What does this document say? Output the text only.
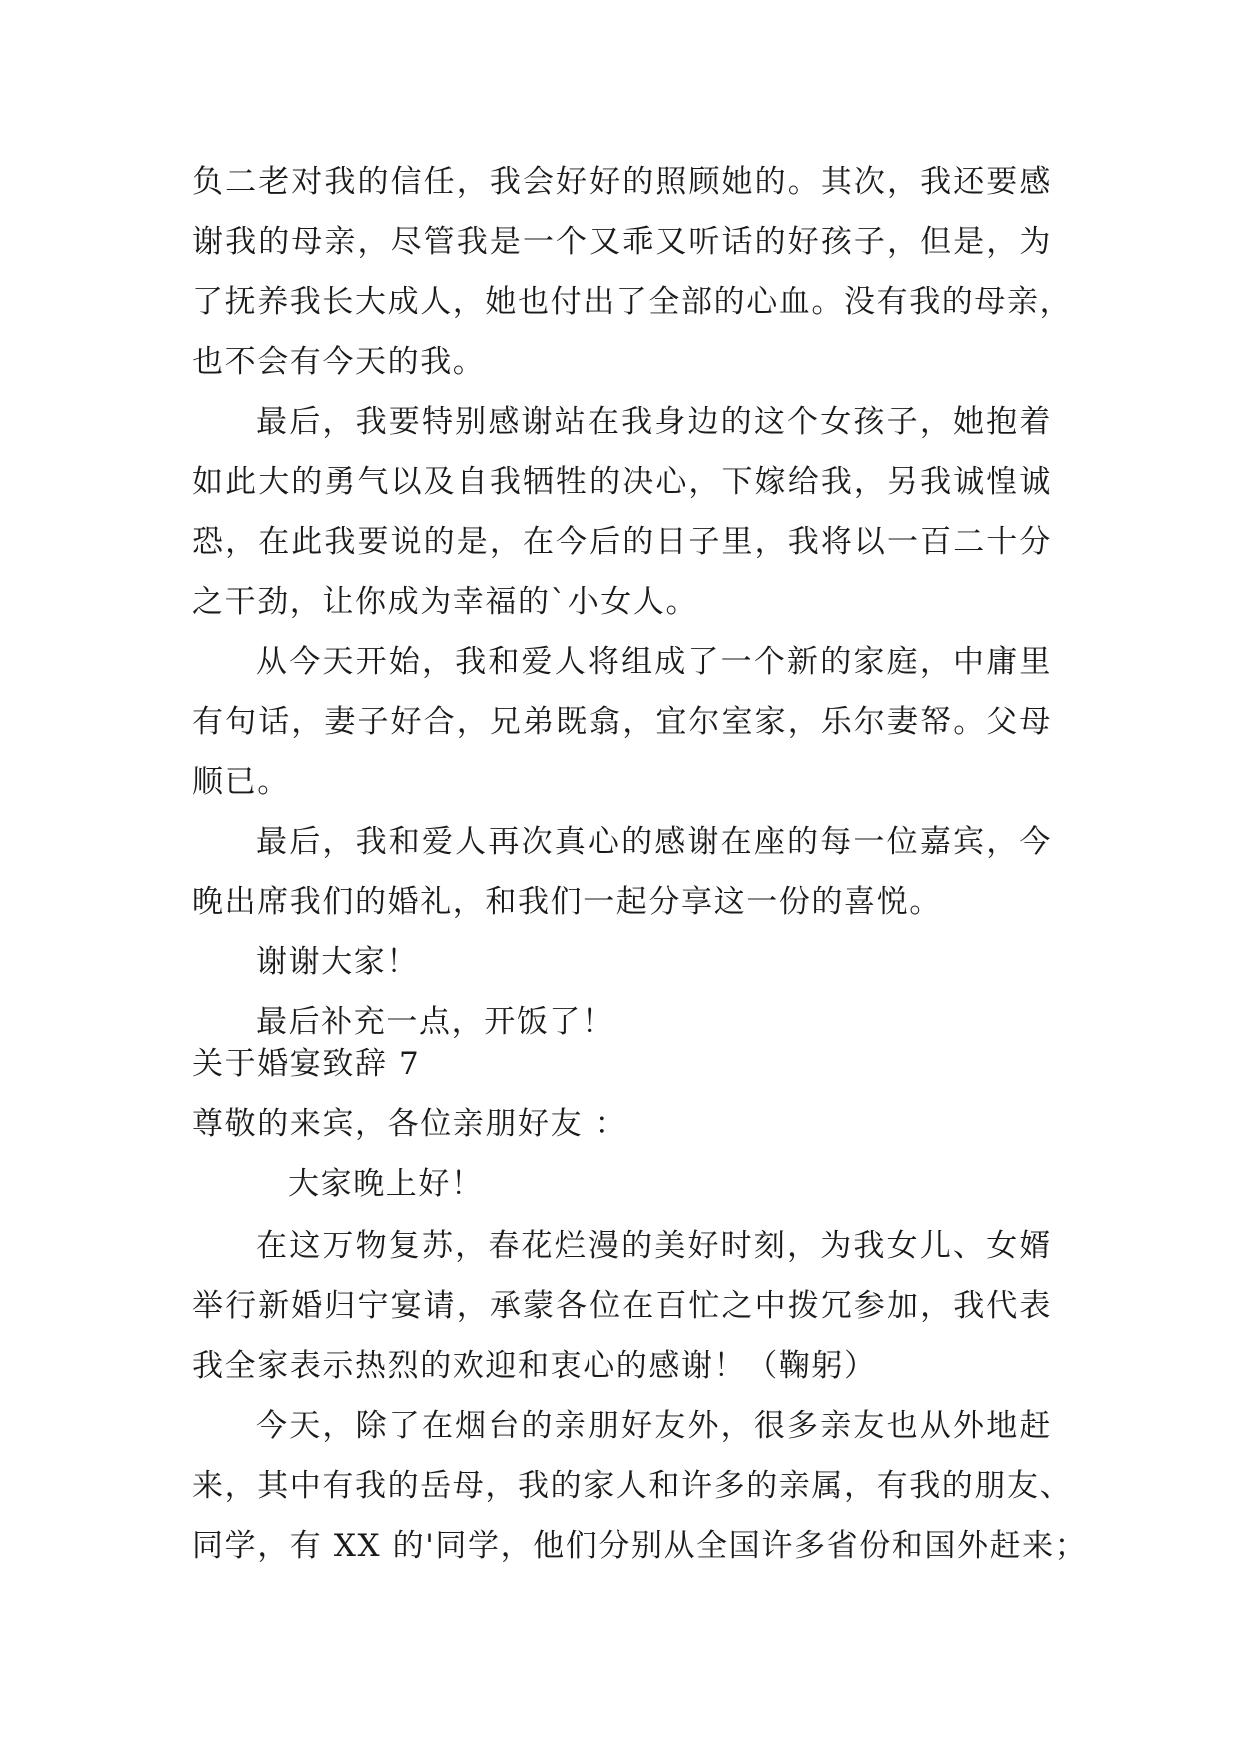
负二老对我的信任，我会好好的照顾她的。其次，我还要感
谢我的母亲，尽管我是一个又乖又听话的好孩子，但是，为
了抚养我长大成人，她也付出了全部的心血。没有我的母亲，
也不会有今天的我。
最后，我要特别感谢站在我身边的这个女孩子，她抱着
如此大的勇气以及自我牺牲的决心，下嫁给我，另我诚惶诚
恐，在此我要说的是，在今后的日子里，我将以一百二十分
之干劲，让你成为幸福的`小女人。
从今天开始，我和爱人将组成了一个新的家庭，中庸里
有句话，妻子好合，兄弟既翕，宜尔室家，乐尔妻帑。父母
顺已。
最后，我和爱人再次真心的感谢在座的每一位嘉宾，今
晚出席我们的婚礼，和我们一起分享这一份的喜悦。
谢谢大家！
最后补充一点，开饭了！
关于婚宴致辞 7
尊敬的来宾，各位亲朋好友 ：
大家晚上好！
在这万物复苏，春花烂漫的美好时刻，为我女儿、女婿
举行新婚归宁宴请，承蒙各位在百忙之中拨冗参加，我代表
我全家表示热烈的欢迎和衷心的感谢！（鞠躬）
今天，除了在烟台的亲朋好友外，很多亲友也从外地赶
来，其中有我的岳母，我的家人和许多的亲属，有我的朋友、
同学，有 XX 的'同学，他们分别从全国许多省份和国外赶来；
